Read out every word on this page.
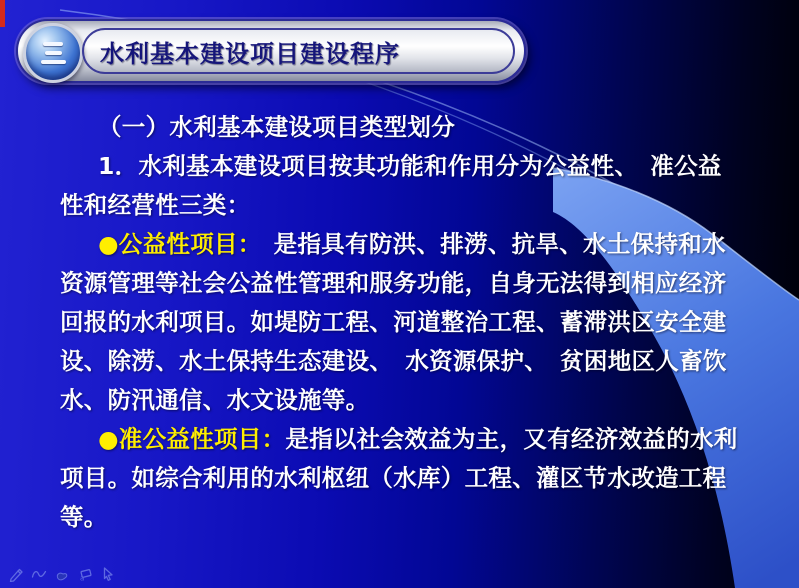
水利基本建设项目建设程序
（一）水利基本建设项目类型划分
1．水利基本建设项目按其功能和作用分为公益性、　准公益
性和经营性三类：
●公益性项目：　是指具有防洪、排涝、抗旱、水土保持和水
资源管理等社会公益性管理和服务功能，自身无法得到相应经济
回报的水利项目。如堤防工程、河道整治工程、蓄滞洪区安全建
设、除涝、水土保持生态建设、　水资源保护、　贫困地区人畜饮
水、防汛通信、水文设施等。
●准公益性项目：是指以社会效益为主，又有经济效益的水利
项目。如综合利用的水利枢纽（水库）工程、灌区节水改造工程
等。
a
